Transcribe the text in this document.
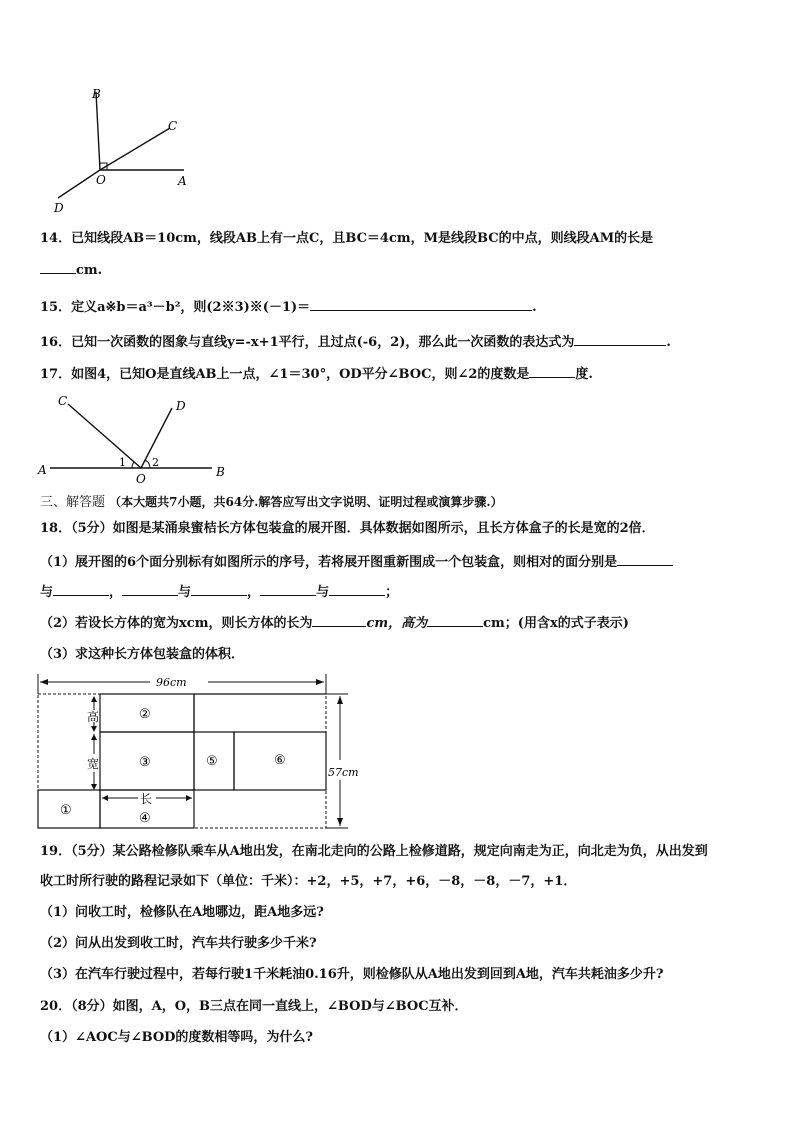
B
C
O	A
D
14．已知线段AB＝10cm，线段AB上有一点C，且BC＝4cm，M是线段BC的中点，则线段AM的长是
cm.
15．定义a※b＝a³－b²，则(2※3)※(－1)＝	.
16．已知一次函数的图象与直线y=-x+1平行，且过点(-6，2)，那么此一次函数的表达式为	.
17．如图4，已知O是直线AB上一点，∠1＝30°，OD平分∠BOC，则∠2的度数是	度.
C	D
A	B
O
1 2
三、解答题 （本大题共7小题，共64分.解答应写出文字说明、证明过程或演算步骤.）
18．（5分）如图是某涌泉蜜桔长方体包装盒的展开图．具体数据如图所示，且长方体盒子的长是宽的2倍．
（1）展开图的6个面分别标有如图所示的序号，若将展开图重新围成一个包装盒，则相对的面分别是
与	，	与	，	与	；
（2）若设长方体的宽为xcm，则长方体的长为	cm，高为	cm；(用含x的式子表示)
（3）求这种长方体包装盒的体积．
96cm
57cm
高
宽
长
②
③	⑤	⑥
①
④
19．（5分）某公路检修队乘车从A地出发，在南北走向的公路上检修道路，规定向南走为正，向北走为负，从出发到
收工时所行驶的路程记录如下（单位：千米）：+2，+5，+7，+6，－8，－8，－7，+1．
（1）问收工时，检修队在A地哪边，距A地多远?
（2）问从出发到收工时，汽车共行驶多少千米?
（3）在汽车行驶过程中，若每行驶1千米耗油0.16升，则检修队从A地出发到回到A地，汽车共耗油多少升?
20．（8分）如图，A，O，B三点在同一直线上，∠BOD与∠BOC互补．
（1）∠AOC与∠BOD的度数相等吗，为什么?
